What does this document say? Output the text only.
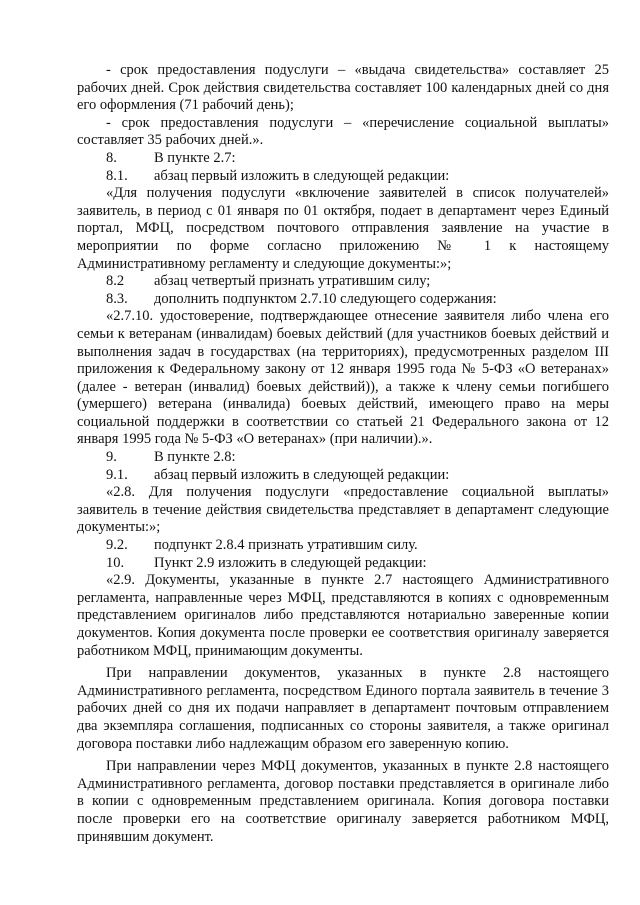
- срок предоставления подуслуги – «выдача свидетельства» составляет 25 рабочих дней. Срок действия свидетельства составляет 100 календарных дней со дня его оформления (71 рабочий день);

- срок предоставления подуслуги – «перечисление социальной выплаты» составляет 35 рабочих дней.».

8.	В пункте 2.7:

8.1. абзац первый изложить в следующей редакции:

«Для получения подуслуги «включение заявителей в список получателей» заявитель, в период с 01 января по 01 октября, подает в департамент через Единый портал, МФЦ, посредством почтового отправления заявление на участие в мероприятии по форме согласно приложению № 1 к настоящему Административному регламенту и следующие документы:»;

8.2 абзац четвертый признать утратившим силу;

8.3. дополнить подпунктом 2.7.10 следующего содержания:

«2.7.10. удостоверение, подтверждающее отнесение заявителя либо члена его семьи к ветеранам (инвалидам) боевых действий (для участников боевых действий и выполнения задач в государствах (на территориях), предусмотренных разделом III приложения к Федеральному закону от 12 января 1995 года № 5-ФЗ «О ветеранах» (далее - ветеран (инвалид) боевых действий)), а также к члену семьи погибшего (умершего) ветерана (инвалида) боевых действий, имеющего право на меры социальной поддержки в соответствии со статьей 21 Федерального закона от 12 января 1995 года № 5-ФЗ «О ветеранах» (при наличии).».

9.	В пункте 2.8:

9.1. абзац первый изложить в следующей редакции:

«2.8. Для получения подуслуги «предоставление социальной выплаты» заявитель в течение действия свидетельства представляет в департамент следующие документы:»;

9.2. подпункт 2.8.4 признать утратившим силу.

10. Пункт 2.9 изложить в следующей редакции:

«2.9. Документы, указанные в пункте 2.7 настоящего Административного регламента, направленные через МФЦ, представляются в копиях с одновременным представлением оригиналов либо представляются нотариально заверенные копии документов. Копия документа после проверки ее соответствия оригиналу заверяется работником МФЦ, принимающим документы.

При направлении документов, указанных в пункте 2.8 настоящего Административного регламента, посредством Единого портала заявитель в течение 3 рабочих дней со дня их подачи направляет в департамент почтовым отправлением два экземпляра соглашения, подписанных со стороны заявителя, а также оригинал договора поставки либо надлежащим образом его заверенную копию.

При направлении через МФЦ документов, указанных в пункте 2.8 настоящего Административного регламента, договор поставки представляется в оригинале либо в копии с одновременным представлением оригинала. Копия договора поставки после проверки его на соответствие оригиналу заверяется работником МФЦ, принявшим документ.
